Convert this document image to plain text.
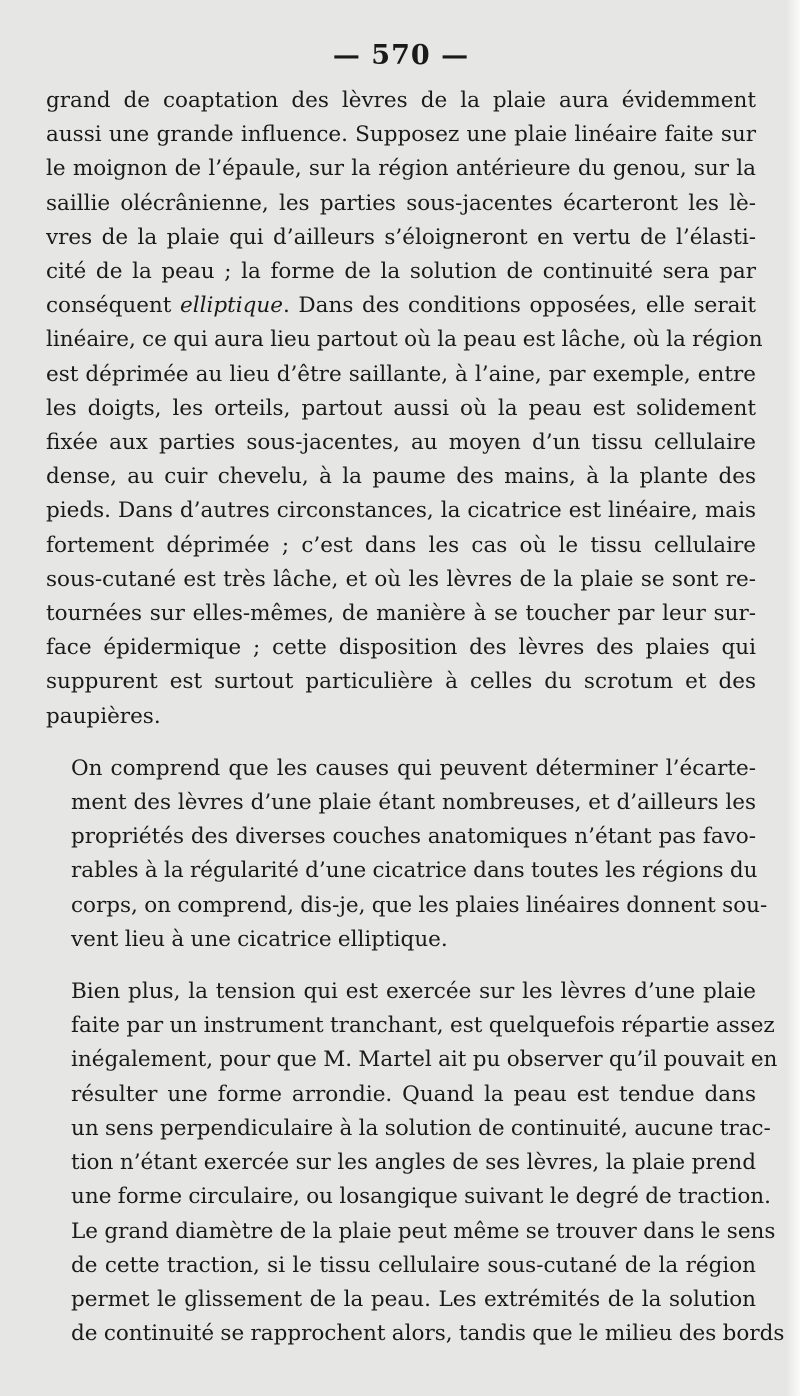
— 570 —

grand de coaptation des lèvres de la plaie aura évidemment
aussi une grande influence. Supposez une plaie linéaire faite sur
le moignon de l’épaule, sur la région antérieure du genou, sur la
saillie olécrânienne, les parties sous-jacentes écarteront les lè-
vres de la plaie qui d’ailleurs s’éloigneront en vertu de l’élasti-
cité de la peau ; la forme de la solution de continuité sera par
conséquent elliptique. Dans des conditions opposées, elle serait
linéaire, ce qui aura lieu partout où la peau est lâche, où la région
est déprimée au lieu d’être saillante, à l’aine, par exemple, entre
les doigts, les orteils, partout aussi où la peau est solidement
fixée aux parties sous-jacentes, au moyen d’un tissu cellulaire
dense, au cuir chevelu, à la paume des mains, à la plante des
pieds. Dans d’autres circonstances, la cicatrice est linéaire, mais
fortement déprimée ; c’est dans les cas où le tissu cellulaire
sous-cutané est très lâche, et où les lèvres de la plaie se sont re-
tournées sur elles-mêmes, de manière à se toucher par leur sur-
face épidermique ; cette disposition des lèvres des plaies qui
suppurent est surtout particulière à celles du scrotum et des
paupières.

On comprend que les causes qui peuvent déterminer l’écarte-
ment des lèvres d’une plaie étant nombreuses, et d’ailleurs les
propriétés des diverses couches anatomiques n’étant pas favo-
rables à la régularité d’une cicatrice dans toutes les régions du
corps, on comprend, dis-je, que les plaies linéaires donnent sou-
vent lieu à une cicatrice elliptique.

Bien plus, la tension qui est exercée sur les lèvres d’une plaie
faite par un instrument tranchant, est quelquefois répartie assez
inégalement, pour que M. Martel ait pu observer qu’il pouvait en
résulter une forme arrondie. Quand la peau est tendue dans
un sens perpendiculaire à la solution de continuité, aucune trac-
tion n’étant exercée sur les angles de ses lèvres, la plaie prend
une forme circulaire, ou losangique suivant le degré de traction.
Le grand diamètre de la plaie peut même se trouver dans le sens
de cette traction, si le tissu cellulaire sous-cutané de la région
permet le glissement de la peau. Les extrémités de la solution
de continuité se rapprochent alors, tandis que le milieu des bords
